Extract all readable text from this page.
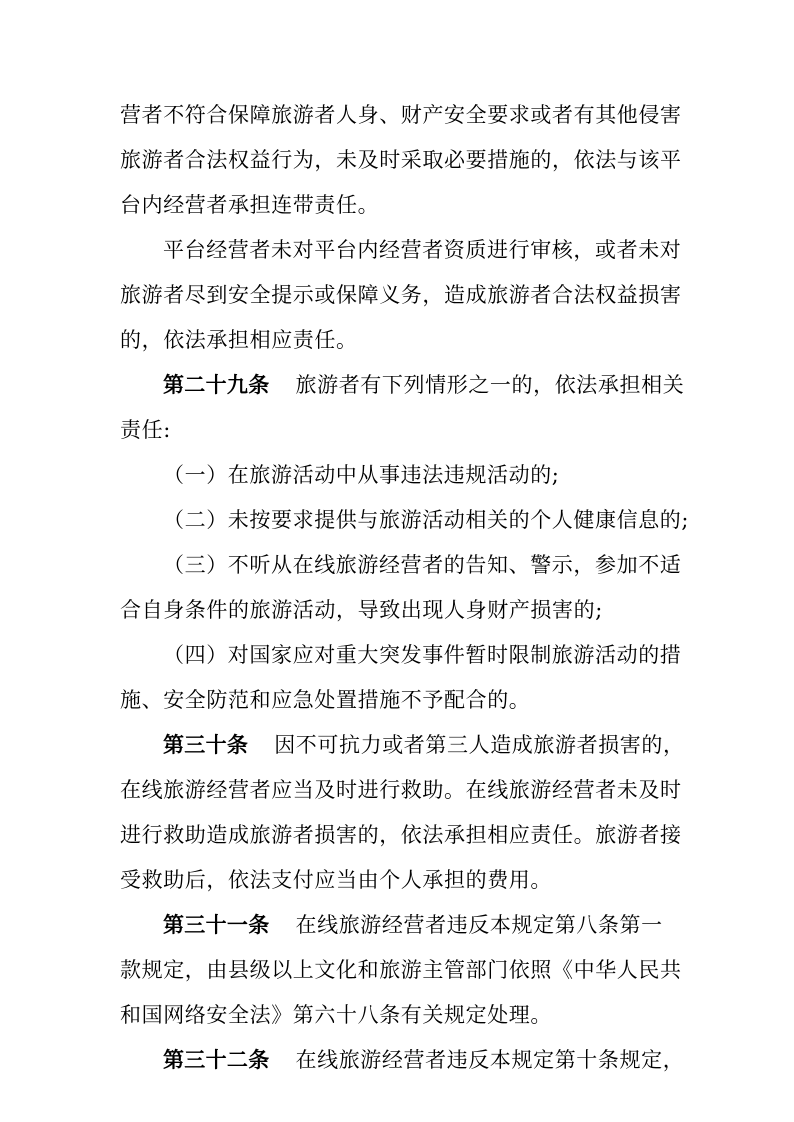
营者不符合保障旅游者人身、财产安全要求或者有其他侵害
旅游者合法权益行为，未及时采取必要措施的，依法与该平
台内经营者承担连带责任。
平台经营者未对平台内经营者资质进行审核，或者未对
旅游者尽到安全提示或保障义务，造成旅游者合法权益损害
的，依法承担相应责任。
第二十九条 旅游者有下列情形之一的，依法承担相关
责任:
（一）在旅游活动中从事违法违规活动的;
（二）未按要求提供与旅游活动相关的个人健康信息的;
（三）不听从在线旅游经营者的告知、警示，参加不适
合自身条件的旅游活动，导致出现人身财产损害的;
（四）对国家应对重大突发事件暂时限制旅游活动的措
施、安全防范和应急处置措施不予配合的。
第三十条 因不可抗力或者第三人造成旅游者损害的，
在线旅游经营者应当及时进行救助。在线旅游经营者未及时
进行救助造成旅游者损害的，依法承担相应责任。旅游者接
受救助后，依法支付应当由个人承担的费用。
第三十一条 在线旅游经营者违反本规定第八条第一
款规定，由县级以上文化和旅游主管部门依照《中华人民共
和国网络安全法》第六十八条有关规定处理。
第三十二条 在线旅游经营者违反本规定第十条规定，
